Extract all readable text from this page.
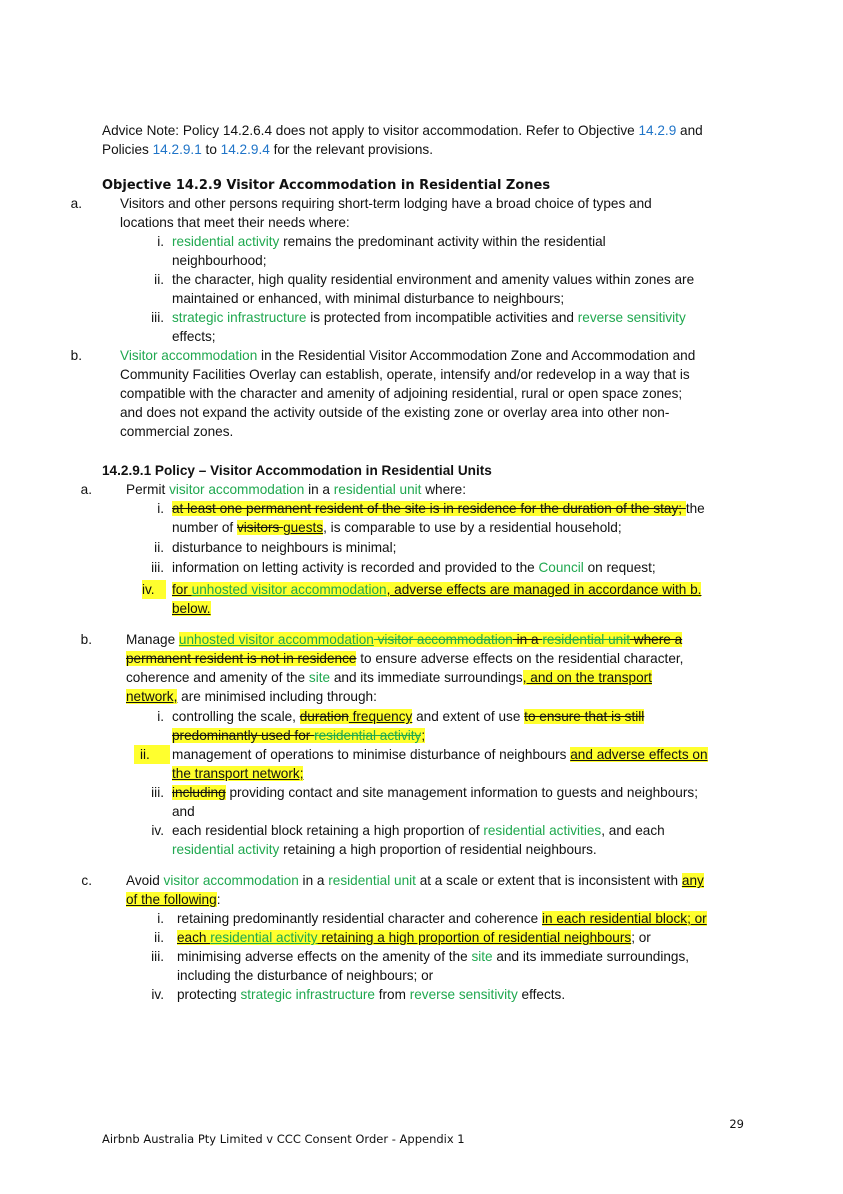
Advice Note: Policy 14.2.6.4 does not apply to visitor accommodation. Refer to Objective 14.2.9 and
Policies 14.2.9.1 to 14.2.9.4 for the relevant provisions.
Objective 14.2.9 Visitor Accommodation in Residential Zones
a.	Visitors and other persons requiring short-term lodging have a broad choice of types and
locations that meet their needs where:
i. residential activity remains the predominant activity within the residential
neighbourhood;
ii. the character, high quality residential environment and amenity values within zones are
maintained or enhanced, with minimal disturbance to neighbours;
iii. strategic infrastructure is protected from incompatible activities and reverse sensitivity
effects;
b.	Visitor accommodation in the Residential Visitor Accommodation Zone and Accommodation and
Community Facilities Overlay can establish, operate, intensify and/or redevelop in a way that is
compatible with the character and amenity of adjoining residential, rural or open space zones;
and does not expand the activity outside of the existing zone or overlay area into other non-
commercial zones.
14.2.9.1 Policy – Visitor Accommodation in Residential Units
a.	Permit visitor accommodation in a residential unit where:
i. at least one permanent resident of the site is in residence for the duration of the stay; the
number of visitors guests, is comparable to use by a residential household;
ii. disturbance to neighbours is minimal;
iii. information on letting activity is recorded and provided to the Council on request;
iv.	for unhosted visitor accommodation, adverse effects are managed in accordance with b.
below.
b.	Manage unhosted visitor accommodation visitor accommodation in a residential unit where a
permanent resident is not in residence to ensure adverse effects on the residential character,
coherence and amenity of the site and its immediate surroundings, and on the transport
network, are minimised including through:
i. controlling the scale, duration frequency and extent of use to ensure that is still
predominantly used for residential activity;
ii.	management of operations to minimise disturbance of neighbours and adverse effects on
the transport network;
iii. including providing contact and site management information to guests and neighbours;
and
iv. each residential block retaining a high proportion of residential activities, and each
residential activity retaining a high proportion of residential neighbours.
c.	Avoid visitor accommodation in a residential unit at a scale or extent that is inconsistent with any
of the following:
i. retaining predominantly residential character and coherence in each residential block; or
ii. each residential activity retaining a high proportion of residential neighbours; or
iii. minimising adverse effects on the amenity of the site and its immediate surroundings,
including the disturbance of neighbours; or
iv. protecting strategic infrastructure from reverse sensitivity effects.
29
Airbnb Australia Pty Limited v CCC Consent Order - Appendix 1
